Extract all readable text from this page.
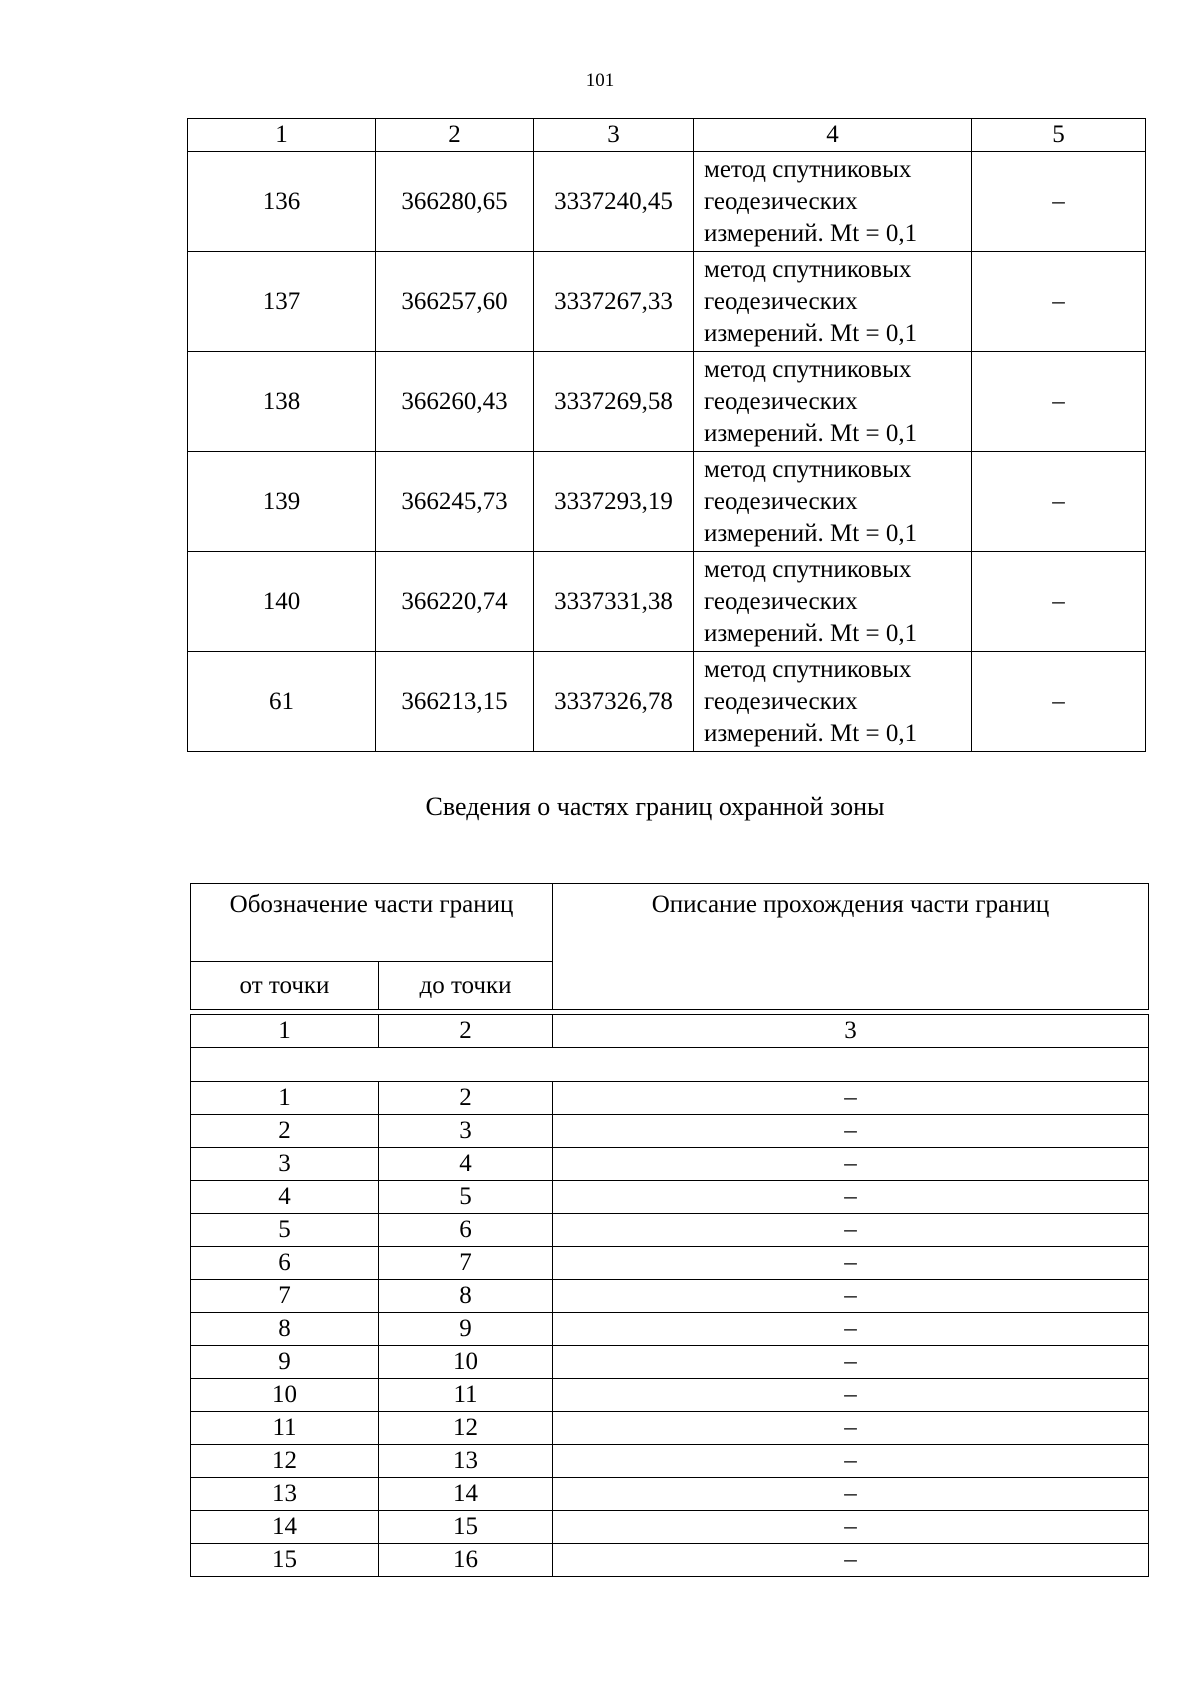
101
1	2	3	4	5
136	366280,65	3337240,45	метод спутниковых
геодезических
измерений. Mt = 0,1	–
137	366257,60	3337267,33	метод спутниковых
геодезических
измерений. Mt = 0,1	–
138	366260,43	3337269,58	метод спутниковых
геодезических
измерений. Mt = 0,1	–
139	366245,73	3337293,19	метод спутниковых
геодезических
измерений. Mt = 0,1	–
140	366220,74	3337331,38	метод спутниковых
геодезических
измерений. Mt = 0,1	–
61	366213,15	3337326,78	метод спутниковых
геодезических
измерений. Mt = 0,1	–
Сведения о частях границ охранной зоны
Обозначение части границ		Описание прохождения части границ
от точки	до точки	

1	2	3

1	2	–
2	3	–
3	4	–
4	5	–
5	6	–
6	7	–
7	8	–
8	9	–
9	10	–
10	11	–
11	12	–
12	13	–
13	14	–
14	15	–
15	16	–
